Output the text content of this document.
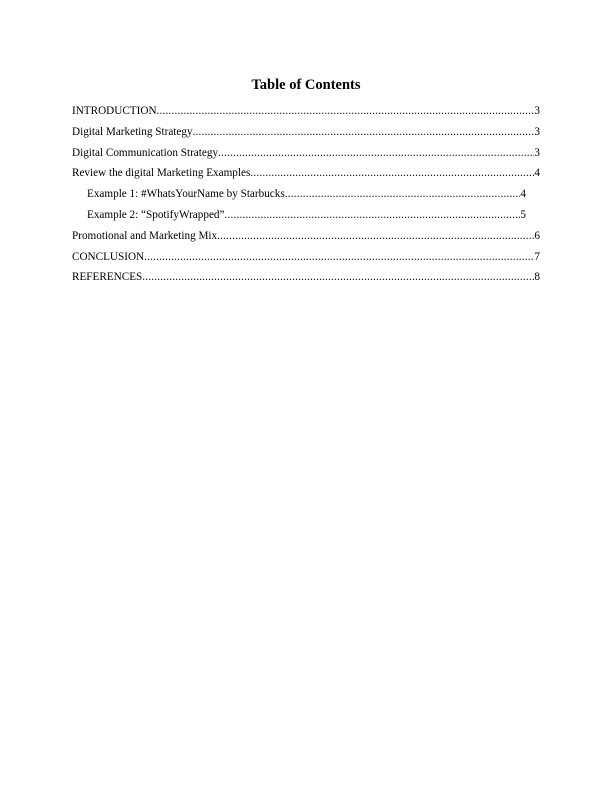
Table of Contents
INTRODUCTION .....	3
Digital Marketing Strategy .....	3
Digital Communication Strategy .....	3
Review the digital Marketing Examples .....	4
Example 1: #WhatsYourName by Starbucks .....	4
Example 2: “SpotifyWrapped” .....	5
Promotional and Marketing Mix .....	6
CONCLUSION .....	7
REFERENCES .....	8
